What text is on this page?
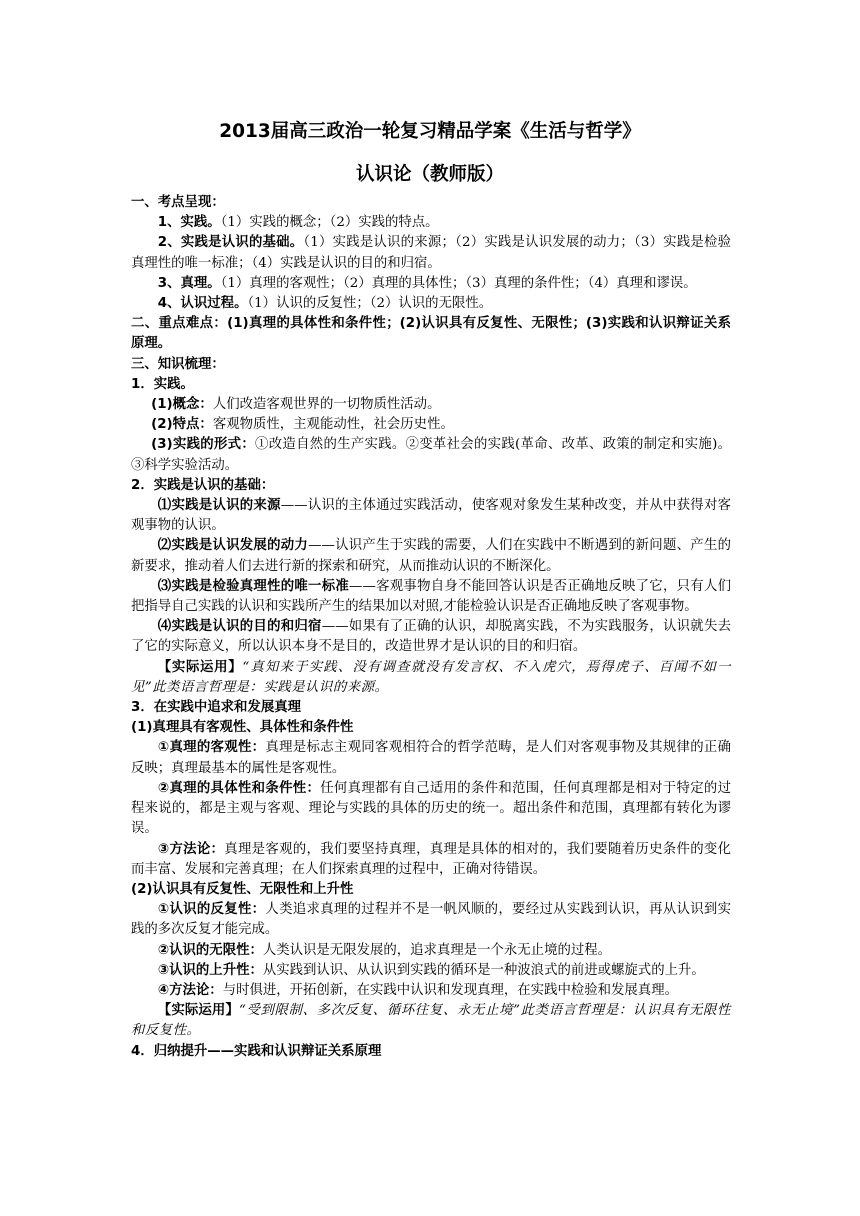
2013届高三政治一轮复习精品学案《生活与哲学》
认识论（教师版）

一、考点呈现：

1、实践。（1）实践的概念；（2）实践的特点。

2、实践是认识的基础。（1）实践是认识的来源；（2）实践是认识发展的动力；（3）实践是检验真理性的唯一标准；（4）实践是认识的目的和归宿。

3、真理。（1）真理的客观性；（2）真理的具体性；（3）真理的条件性；（4）真理和谬误。

4、认识过程。（1）认识的反复性；（2）认识的无限性。

二、重点难点：(1)真理的具体性和条件性；(2)认识具有反复性、无限性；(3)实践和认识辩证关系原理。

三、知识梳理：

1．实践。

(1)概念：人们改造客观世界的一切物质性活动。

(2)特点：客观物质性，主观能动性，社会历史性。

(3)实践的形式：①改造自然的生产实践。②变革社会的实践(革命、改革、政策的制定和实施)。 ③科学实验活动。

2．实践是认识的基础：

⑴实践是认识的来源——认识的主体通过实践活动，使客观对象发生某种改变，并从中获得对客观事物的认识。

⑵实践是认识发展的动力——认识产生于实践的需要，人们在实践中不断遇到的新问题、产生的新要求，推动着人们去进行新的探索和研究，从而推动认识的不断深化。

⑶实践是检验真理性的唯一标准——客观事物自身不能回答认识是否正确地反映了它，只有人们把指导自己实践的认识和实践所产生的结果加以对照,才能检验认识是否正确地反映了客观事物。

⑷实践是认识的目的和归宿——如果有了正确的认识，却脱离实践，不为实践服务，认识就失去了它的实际意义，所以认识本身不是目的，改造世界才是认识的目的和归宿。

【实际运用】“真知来于实践、没有调查就没有发言权、不入虎穴，焉得虎子、百闻不如一见”此类语言哲理是：实践是认识的来源。

3．在实践中追求和发展真理

(1)真理具有客观性、具体性和条件性

①真理的客观性：真理是标志主观同客观相符合的哲学范畴，是人们对客观事物及其规律的正确反映；真理最基本的属性是客观性。

②真理的具体性和条件性：任何真理都有自己适用的条件和范围，任何真理都是相对于特定的过程来说的，都是主观与客观、理论与实践的具体的历史的统一。超出条件和范围，真理都有转化为谬误。

③方法论：真理是客观的，我们要坚持真理，真理是具体的相对的，我们要随着历史条件的变化而丰富、发展和完善真理；在人们探索真理的过程中，正确对待错误。

(2)认识具有反复性、无限性和上升性

①认识的反复性：人类追求真理的过程并不是一帆风顺的，要经过从实践到认识，再从认识到实践的多次反复才能完成。

②认识的无限性：人类认识是无限发展的，追求真理是一个永无止境的过程。

③认识的上升性：从实践到认识、从认识到实践的循环是一种波浪式的前进或螺旋式的上升。

④方法论：与时俱进，开拓创新，在实践中认识和发现真理，在实践中检验和发展真理。

【实际运用】“受到限制、多次反复、循环往复、永无止境”此类语言哲理是：认识具有无限性和反复性。

4．归纳提升——实践和认识辩证关系原理
